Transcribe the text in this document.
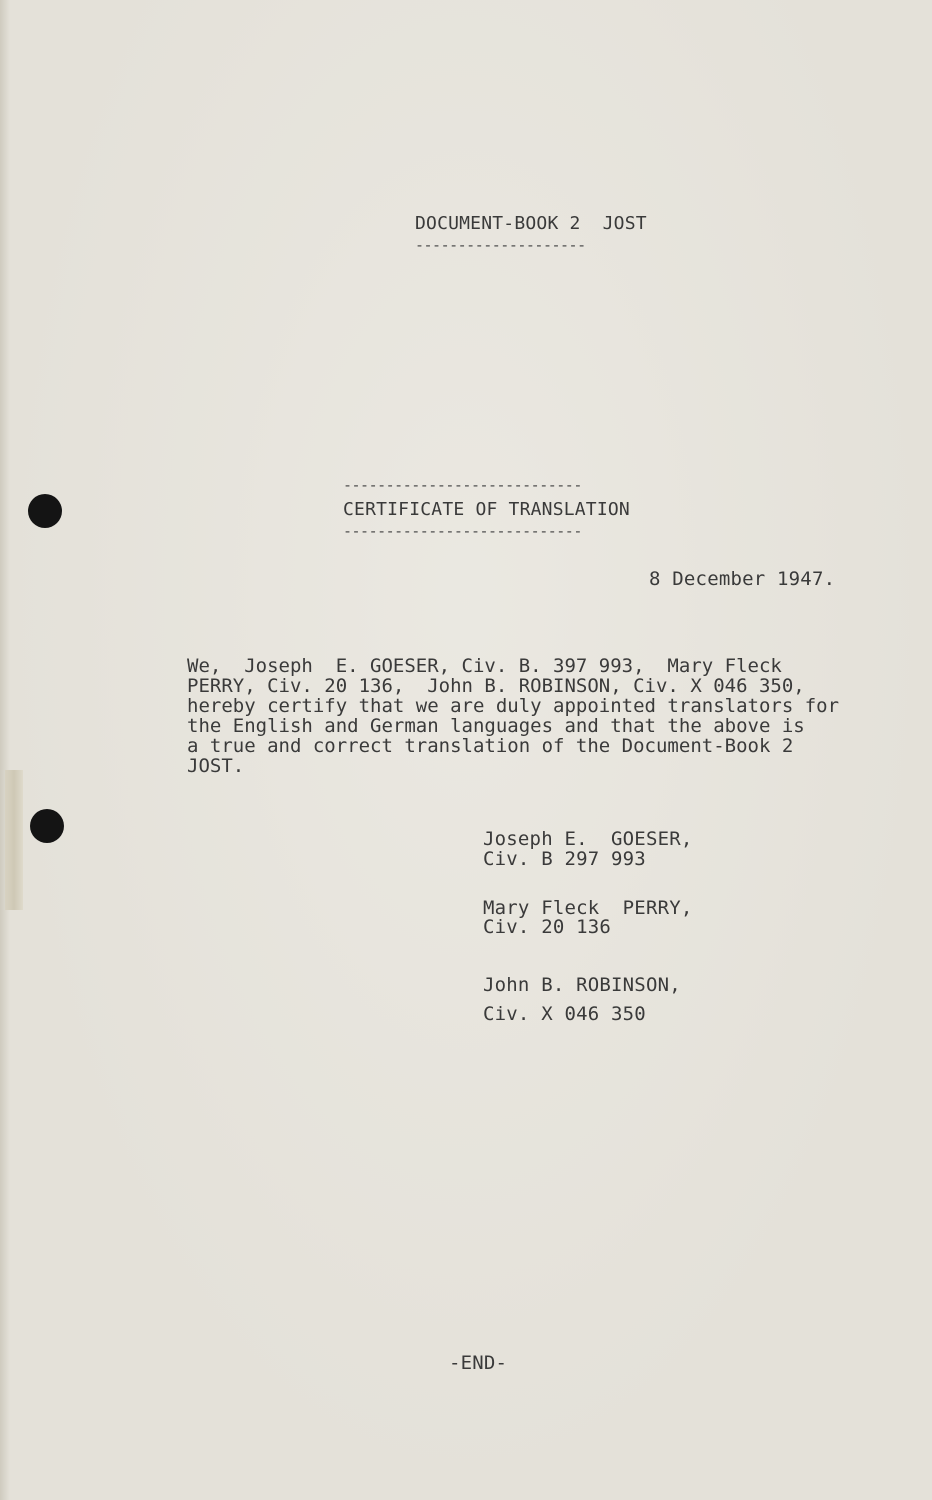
DOCUMENT-BOOK 2  JOST
--------------------
----------------------------
CERTIFICATE OF TRANSLATION
----------------------------
8 December 1947.
We,  Joseph  E. GOESER, Civ. B. 397 993,  Mary Fleck
PERRY, Civ. 20 136,  John B. ROBINSON, Civ. X 046 350,
hereby certify that we are duly appointed translators for
the English and German languages and that the above is
a true and correct translation of the Document-Book 2
JOST.
Joseph E.  GOESER,
Civ. B 297 993
Mary Fleck  PERRY,
Civ. 20 136
John B. ROBINSON,
Civ. X 046 350
-END-
